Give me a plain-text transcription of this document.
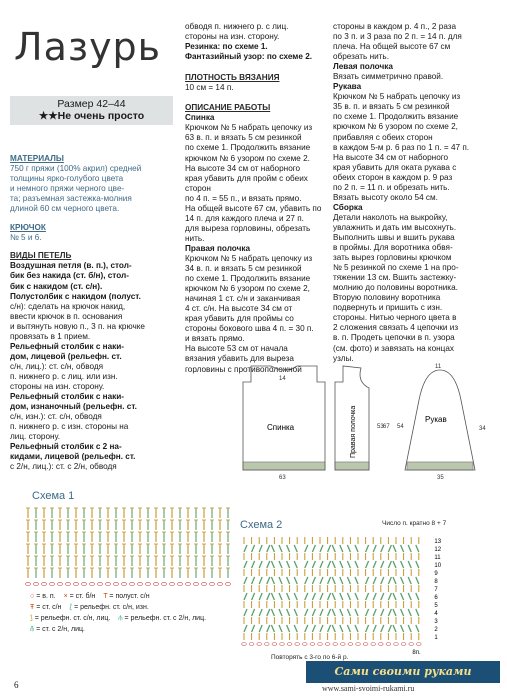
Лазурь
Размер 42–44
★★Не очень просто
МАТЕРИАЛЫ

750 г пряжи (100% акрил) средней

толщины ярко-голубого цвета

и немного пряжи черного цве-

та; разъемная застежка-молния

длиной 60 см черного цвета.

КРЮЧОК

№ 5 и 6.

ВИДЫ ПЕТЕЛЬ

Воздушная петля (в. п.), стол-

бик без накида (ст. б/н), стол-

бик с накидом (ст. с/н).

Полустолбик с накидом (полуст.

с/н): сделать на крючок накид,

ввести крючок в п. основания

и вытянуть новую п., 3 п. на крючке

провязать в 1 прием.

Рельефный столбик с наки-

дом, лицевой (рельефн. ст.

с/н, лиц.): ст. с/н, обводя

п. нижнего р. с лиц. или изн.

стороны на изн. сторону.

Рельефный столбик с наки-

дом, изнаночный (рельефн. ст.

с/н, изн.): ст. с/н, обводя

п. нижнего р. с изн. стороны на

лиц. сторону.

Рельефный столбик с 2 на-

кидами, лицевой (рельефн. ст.

с 2/н, лиц.): ст. с 2/н, обводя

обводя п. нижнего р. с лиц.

стороны на изн. сторону.

Резинка: по схеме 1.

Фантазийный узор: по схеме 2.

ПЛОТНОСТЬ ВЯЗАНИЯ

10 см = 14 п.

ОПИСАНИЕ РАБОТЫ

Спинка

Крючком № 5 набрать цепочку из

63 в. п. и вязать 5 см резинкой

по схеме 1. Продолжить вязание

крючком № 6 узором по схеме 2.

На высоте 34 см от наборного

края убавить для пройм с обеих сторон

по 4 п. = 55 п., и вязать прямо.

На общей высоте 67 см, убавить по

14 п. для каждого плеча и 27 п.

для выреза горловины, обрезать

нить.

Правая полочка

Крючком № 5 набрать цепочку из

34 в. п. и вязать 5 см резинкой

по схеме 1. Продолжить вязание

крючком № 6 узором по схеме 2,

начиная 1 ст. с/н и заканчивая

4 ст. с/н. На высоте 34 см от

края убавить для проймы со

стороны бокового шва 4 п. = 30 п.

и вязать прямо.

На высоте 53 см от начала

вязания убавить для выреза

горловины с противоположной

стороны в каждом р. 4 п., 2 раза

по 3 п. и 3 раза по 2 п. = 14 п. для

плеча. На общей высоте 67 см

обрезать нить.

Левая полочка

Вязать симметрично правой.

Рукава

Крючком № 5 набрать цепочку из

35 в. п. и вязать 5 см резинкой

по схеме 1. Продолжить вязание

крючком № 6 узором по схеме 2,

прибавляя с обеих сторон

в каждом 5-м р. 6 раз по 1 п. = 47 п.

На высоте 34 см от наборного

края убавить для оката рукава с

обеих сторон в каждом р. 9 раз

по 2 п. = 11 п. и обрезать нить.

Вязать высоту около 54 см.

Сборка

Детали наколоть на выкройку,

увлажнить и дать им высохнуть.

Выполнить швы и вшить рукава

в проймы. Для воротника обвя-

зать вырез горловины крючком

№ 5 резинкой по схеме 1 на про-

тяжении 13 см. Вшить застежку-

молнию до половины воротника.

Вторую половину воротника

подвернуть и пришить с изн.

стороны. Нитью черного цвета в

2 сложения связать 4 цепочки из

в. п. Продеть цепочки в п. узора

(см. фото) и завязать на концах

узлы.

Спинка	Правая полочка	Рукав
63
14
53 67 54
11
35
34
Схема 1
Схема 2	Число п. кратно 8 + 7
1
2
3
4
5
6
7
8
9
10
11
12
13
8п.
Повторять с 3-го по 6-й р.
○ = в. п. × = ст. б/н T = полуст. с/н
Ŧ = ст. с/н ⟅ = рельефн. ст. с/н, изн.
⟆ = рельефн. ст. с/н, лиц. ⫛ = рельефн. ст. с 2/н, лиц.
⫚ = ст. с 2/н, лиц.
6
Сами своими руками
www.sami-svoimi-rukami.ru
